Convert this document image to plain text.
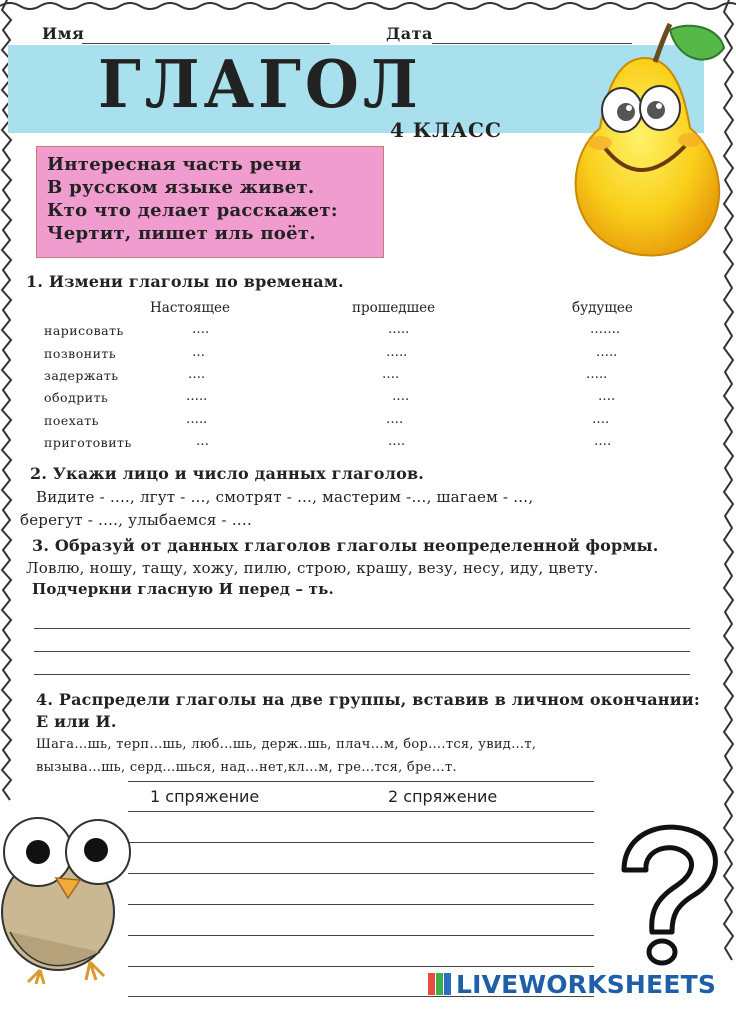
Имя	Дата
ГЛАГОЛ
4 КЛАСС
Интересная часть речи
В русском языке живет.
Кто что делает расскажет:
Чертит, пишет иль поёт.
1. Измени глаголы по временам.
Настоящее	прошедшее	будущее
нарисовать	….	…..	…….
позвонить	…	…..	…..
задержать	….	….	…..
ободрить	…..	….	….
поехать	…..	….	….
приготовить	…	….	….
2. Укажи лицо и число данных глаголов.
Видите - …., лгут - …, смотрят - …, мастерим -…, шагаем - …,
берегут - …., улыбаемся - ….
3. Образуй от данных глаголов глаголы неопределенной формы.
Ловлю, ношу, тащу, хожу, пилю, строю, крашу, везу, несу, иду, цвету.
Подчеркни гласную И перед – ть.
4. Распредели глаголы на две группы, вставив в личном окончании:
Е или И.
Шага…шь, терп…шь, люб…шь, держ..шь, плач…м, бор….тся, увид…т,
вызыва…шь, серд…шься, над…нет,кл…м, гре…тся, бре…т.
1 спряжение	2 спряжение
LIVEWORKSHEETS
